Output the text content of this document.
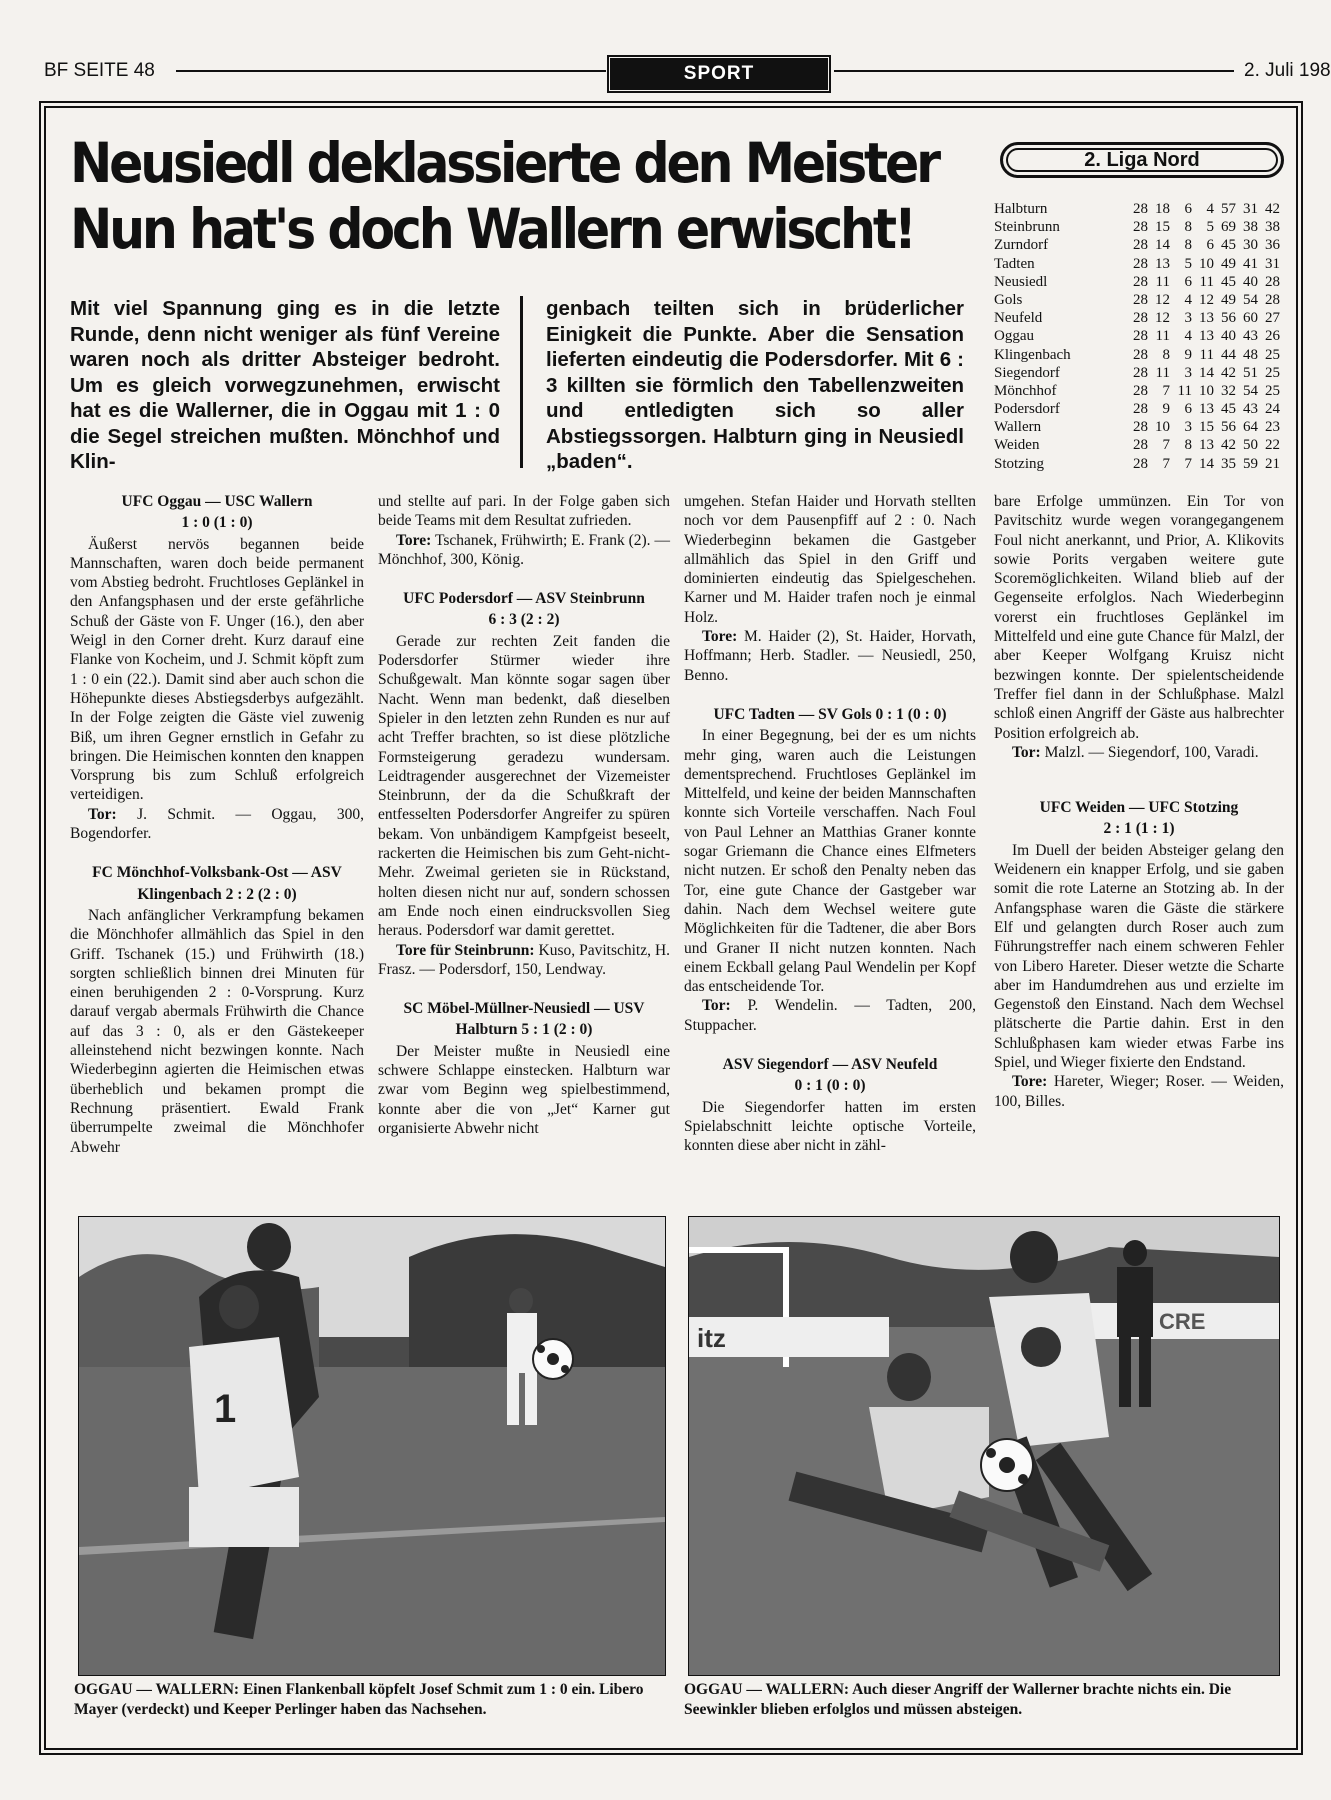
BF SEITE 48	SPORT	2. Juli 198
Neusiedl deklassierte den Meister
Nun hat's doch Wallern erwischt!
2. Liga Nord
Halbturn	28 18 6 4 57 31 42
Steinbrunn	28 15 8 5 69 38 38
Zurndorf	28 14 8 6 45 30 36
Tadten	28 13 5 10 49 41 31
Neusiedl	28 11 6 11 45 40 28
Gols	28 12 4 12 49 54 28
Neufeld	28 12 3 13 56 60 27
Oggau	28 11 4 13 40 43 26
Klingenbach	28 8 9 11 44 48 25
Siegendorf	28 11 3 14 42 51 25
Mönchhof	28 7 11 10 32 54 25
Podersdorf	28 9 6 13 45 43 24
Wallern	28 10 3 15 56 64 23
Weiden	28 7 8 13 42 50 22
Stotzing	28 7 7 14 35 59 21
Mit viel Spannung ging es in die letzte Runde, denn nicht weniger als fünf Vereine waren noch als dritter Absteiger bedroht. Um es gleich vorwegzunehmen, erwischt hat es die Wallerner, die in Oggau mit 1 : 0 die Segel streichen mußten. Mönchhof und Klin-
genbach teilten sich in brüderlicher Einigkeit die Punkte. Aber die Sensation lieferten eindeutig die Podersdorfer. Mit 6 : 3 killten sie förmlich den Tabellenzweiten und entledigten sich so aller Abstiegssorgen. Halbturn ging in Neusiedl „baden“.
UFC Oggau — USC Wallern
1 : 0 (1 : 0)

Äußerst nervös begannen beide Mannschaften, waren doch beide permanent vom Abstieg bedroht. Fruchtloses Geplänkel in den Anfangsphasen und der erste gefährliche Schuß der Gäste von F. Unger (16.), den aber Weigl in den Corner dreht. Kurz darauf eine Flanke von Kocheim, und J. Schmit köpft zum 1 : 0 ein (22.). Damit sind aber auch schon die Höhepunkte dieses Abstiegsderbys aufgezählt. In der Folge zeigten die Gäste viel zuwenig Biß, um ihren Gegner ernstlich in Gefahr zu bringen. Die Heimischen konnten den knappen Vorsprung bis zum Schluß erfolgreich verteidigen.

Tor: J. Schmit. — Oggau, 300, Bogendorfer.

FC Mönchhof-Volksbank-Ost — ASV
Klingenbach 2 : 2 (2 : 0)

Nach anfänglicher Verkrampfung bekamen die Mönchhofer allmählich das Spiel in den Griff. Tschanek (15.) und Frühwirth (18.) sorgten schließlich binnen drei Minuten für einen beruhigenden 2 : 0-Vorsprung. Kurz darauf vergab abermals Frühwirth die Chance auf das 3 : 0, als er den Gästekeeper alleinstehend nicht bezwingen konnte. Nach Wiederbeginn agierten die Heimischen etwas überheblich und bekamen prompt die Rechnung präsentiert. Ewald Frank überrumpelte zweimal die Mönchhofer Abwehr

und stellte auf pari. In der Folge gaben sich beide Teams mit dem Resultat zufrieden.

Tore: Tschanek, Frühwirth; E. Frank (2). — Mönchhof, 300, König.

UFC Podersdorf — ASV Steinbrunn
6 : 3 (2 : 2)

Gerade zur rechten Zeit fanden die Podersdorfer Stürmer wieder ihre Schußgewalt. Man könnte sogar sagen über Nacht. Wenn man bedenkt, daß dieselben Spieler in den letzten zehn Runden es nur auf acht Treffer brachten, so ist diese plötzliche Formsteigerung geradezu wundersam. Leidtragender ausgerechnet der Vizemeister Steinbrunn, der da die Schußkraft der entfesselten Podersdorfer Angreifer zu spüren bekam. Von unbändigem Kampfgeist beseelt, rackerten die Heimischen bis zum Geht-nicht-Mehr. Zweimal gerieten sie in Rückstand, holten diesen nicht nur auf, sondern schossen am Ende noch einen eindrucksvollen Sieg heraus. Podersdorf war damit gerettet.

Tore für Steinbrunn: Kuso, Pavitschitz, H. Frasz. — Podersdorf, 150, Lendway.

SC Möbel-Müllner-Neusiedl — USV
Halbturn 5 : 1 (2 : 0)

Der Meister mußte in Neusiedl eine schwere Schlappe einstecken. Halbturn war zwar vom Beginn weg spielbestimmend, konnte aber die von „Jet“ Karner gut organisierte Abwehr nicht

umgehen. Stefan Haider und Horvath stellten noch vor dem Pausenpfiff auf 2 : 0. Nach Wiederbeginn bekamen die Gastgeber allmählich das Spiel in den Griff und dominierten eindeutig das Spielgeschehen. Karner und M. Haider trafen noch je einmal Holz.

Tore: M. Haider (2), St. Haider, Horvath, Hoffmann; Herb. Stadler. — Neusiedl, 250, Benno.

UFC Tadten — SV Gols 0 : 1 (0 : 0)

In einer Begegnung, bei der es um nichts mehr ging, waren auch die Leistungen dementsprechend. Fruchtloses Geplänkel im Mittelfeld, und keine der beiden Mannschaften konnte sich Vorteile verschaffen. Nach Foul von Paul Lehner an Matthias Graner konnte sogar Griemann die Chance eines Elfmeters nicht nutzen. Er schoß den Penalty neben das Tor, eine gute Chance der Gastgeber war dahin. Nach dem Wechsel weitere gute Möglichkeiten für die Tadtener, die aber Bors und Graner II nicht nutzen konnten. Nach einem Eckball gelang Paul Wendelin per Kopf das entscheidende Tor.

Tor: P. Wendelin. — Tadten, 200, Stuppacher.

ASV Siegendorf — ASV Neufeld
0 : 1 (0 : 0)

Die Siegendorfer hatten im ersten Spielabschnitt leichte optische Vorteile, konnten diese aber nicht in zähl-

bare Erfolge ummünzen. Ein Tor von Pavitschitz wurde wegen vorangegangenem Foul nicht anerkannt, und Prior, A. Klikovits sowie Porits vergaben weitere gute Scoremöglichkeiten. Wiland blieb auf der Gegenseite erfolglos. Nach Wiederbeginn vorerst ein fruchtloses Geplänkel im Mittelfeld und eine gute Chance für Malzl, der aber Keeper Wolfgang Kruisz nicht bezwingen konnte. Der spielentscheidende Treffer fiel dann in der Schlußphase. Malzl schloß einen Angriff der Gäste aus halbrechter Position erfolgreich ab.

Tor: Malzl. — Siegendorf, 100, Varadi.

UFC Weiden — UFC Stotzing
2 : 1 (1 : 1)

Im Duell der beiden Absteiger gelang den Weidenern ein knapper Erfolg, und sie gaben somit die rote Laterne an Stotzing ab. In der Anfangsphase waren die Gäste die stärkere Elf und gelangten durch Roser auch zum Führungstreffer nach einem schweren Fehler von Libero Hareter. Dieser wetzte die Scharte aber im Handumdrehen aus und erzielte im Gegenstoß den Einstand. Nach dem Wechsel plätscherte die Partie dahin. Erst in den Schlußphasen kam wieder etwas Farbe ins Spiel, und Wieger fixierte den Endstand.

Tore: Hareter, Wieger; Roser. — Weiden, 100, Billes.

1
itz
CRE
OGGAU — WALLERN: Einen Flankenball köpfelt Josef Schmit zum 1 : 0 ein. Libero Mayer (verdeckt) und Keeper Perlinger haben das Nachsehen.
OGGAU — WALLERN: Auch dieser Angriff der Wallerner brachte nichts ein. Die Seewinkler blieben erfolglos und müssen absteigen.
